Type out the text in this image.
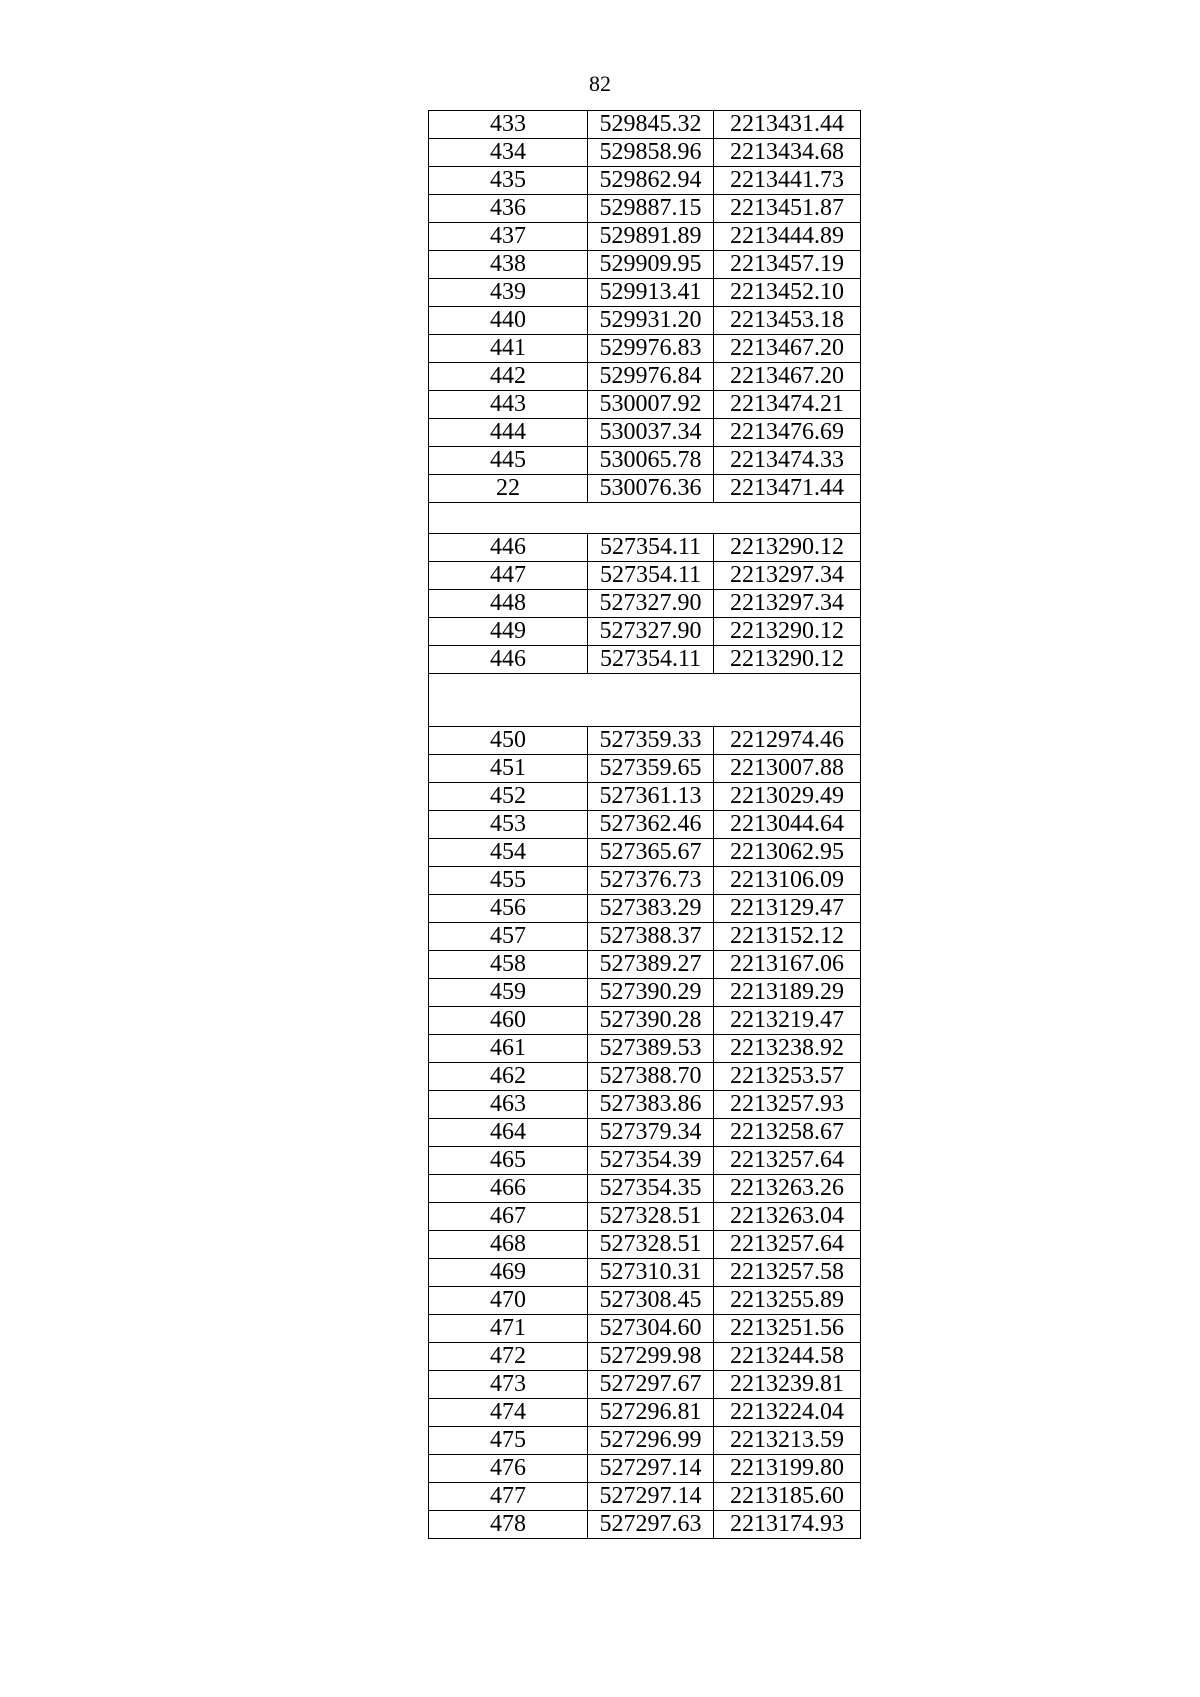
82
433	529845.32	2213431.44
434	529858.96	2213434.68
435	529862.94	2213441.73
436	529887.15	2213451.87
437	529891.89	2213444.89
438	529909.95	2213457.19
439	529913.41	2213452.10
440	529931.20	2213453.18
441	529976.83	2213467.20
442	529976.84	2213467.20
443	530007.92	2213474.21
444	530037.34	2213476.69
445	530065.78	2213474.33
22	530076.36	2213471.44

446	527354.11	2213290.12
447	527354.11	2213297.34
448	527327.90	2213297.34
449	527327.90	2213290.12
446	527354.11	2213290.12

450	527359.33	2212974.46
451	527359.65	2213007.88
452	527361.13	2213029.49
453	527362.46	2213044.64
454	527365.67	2213062.95
455	527376.73	2213106.09
456	527383.29	2213129.47
457	527388.37	2213152.12
458	527389.27	2213167.06
459	527390.29	2213189.29
460	527390.28	2213219.47
461	527389.53	2213238.92
462	527388.70	2213253.57
463	527383.86	2213257.93
464	527379.34	2213258.67
465	527354.39	2213257.64
466	527354.35	2213263.26
467	527328.51	2213263.04
468	527328.51	2213257.64
469	527310.31	2213257.58
470	527308.45	2213255.89
471	527304.60	2213251.56
472	527299.98	2213244.58
473	527297.67	2213239.81
474	527296.81	2213224.04
475	527296.99	2213213.59
476	527297.14	2213199.80
477	527297.14	2213185.60
478	527297.63	2213174.93
